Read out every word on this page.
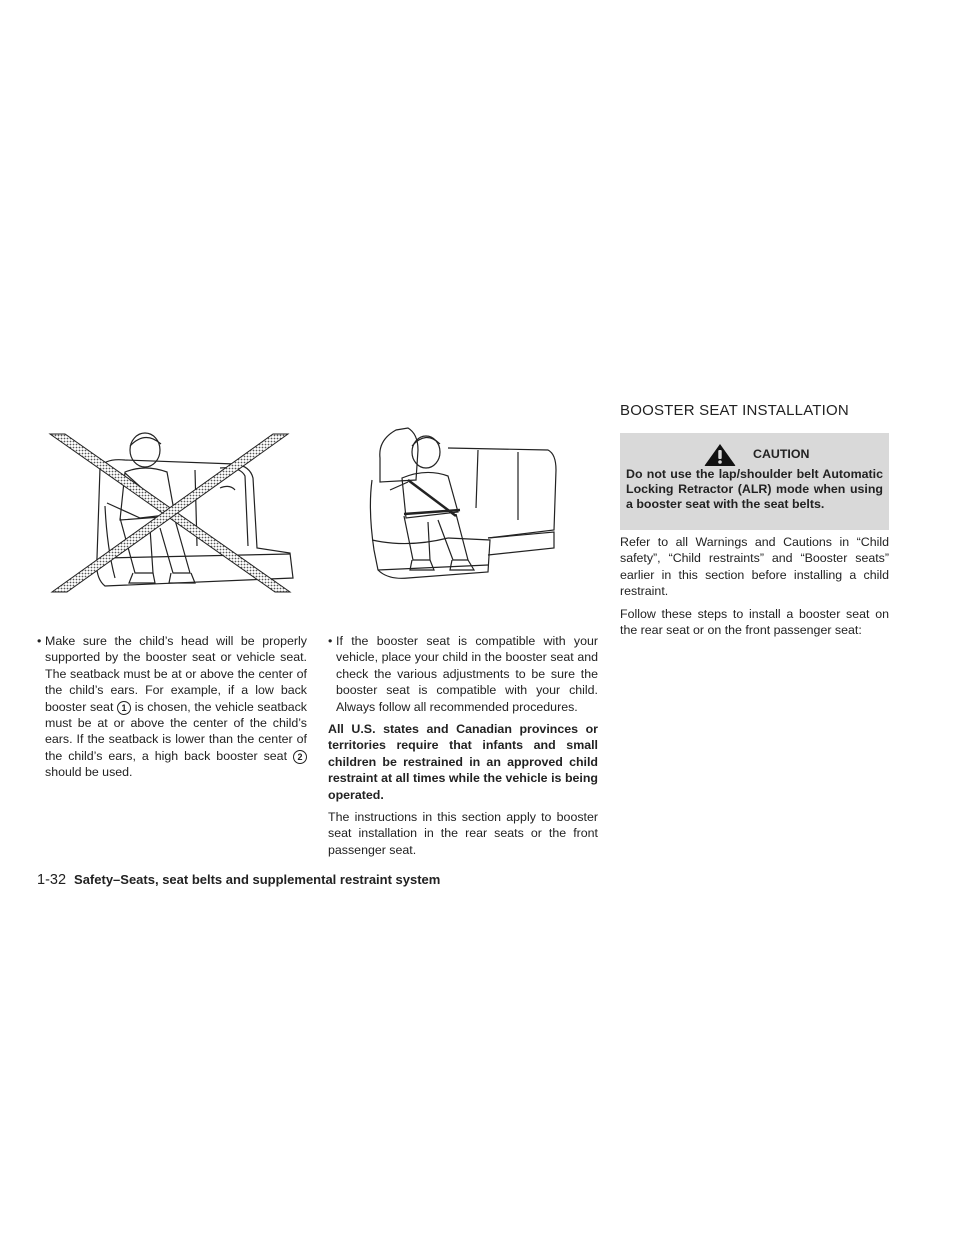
•
Make sure the child’s head will be properly supported by the booster seat or vehicle seat. The seatback must be at or above the center of the child’s ears. For example, if a low back booster seat 1 is chosen, the vehicle seatback must be at or above the center of the child’s ears. If the seatback is lower than the center of the child’s ears, a high back booster seat 2 should be used.

•
If the booster seat is compatible with your vehicle, place your child in the booster seat and check the various adjustments to be sure the booster seat is compatible with your child. Always follow all recommended procedures.

All U.S. states and Canadian provinces or territories require that infants and small children be restrained in an approved child restraint at all times while the vehicle is being operated.

The instructions in this section apply to booster seat installation in the rear seats or the front passenger seat.

BOOSTER SEAT INSTALLATION
CAUTION
Do not use the lap/shoulder belt Automatic Locking Retractor (ALR) mode when using a booster seat with the seat belts.

Refer to all Warnings and Cautions in “Child safety”, “Child restraints” and “Booster seats” earlier in this section before installing a child restraint.

Follow these steps to install a booster seat on the rear seat or on the front passenger seat:

1-32 Safety–Seats, seat belts and supplemental restraint system
